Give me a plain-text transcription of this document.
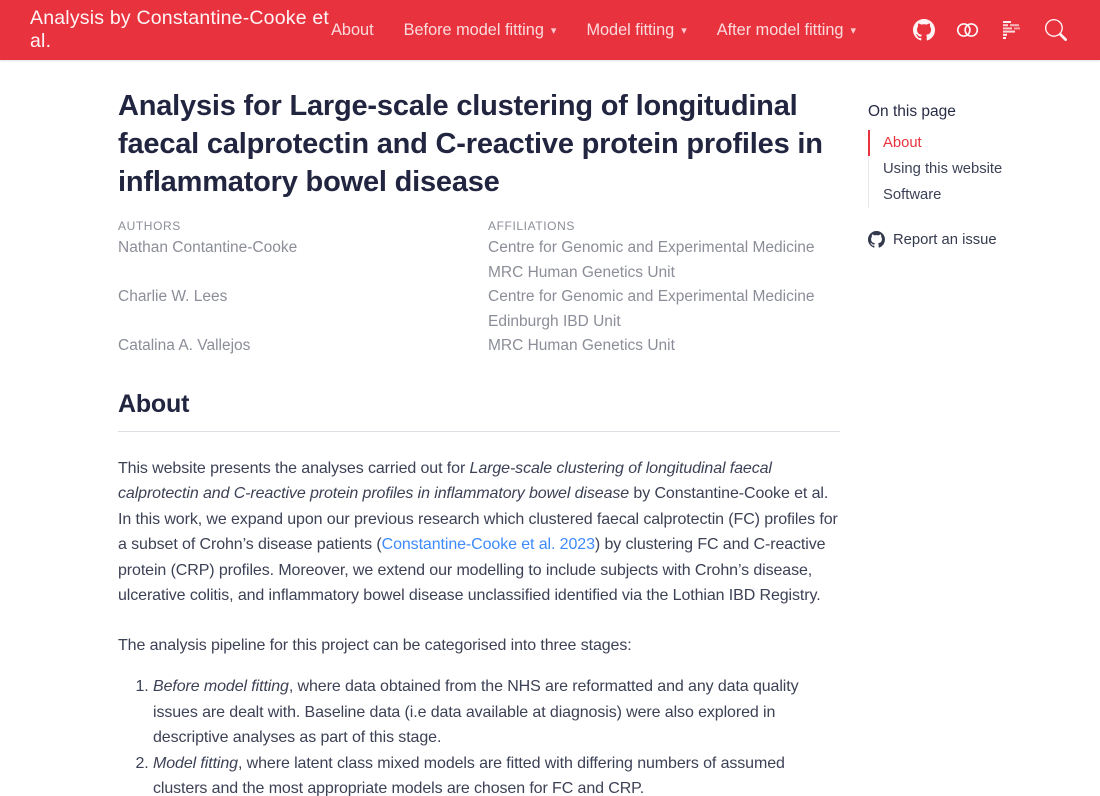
Analysis by Constantine-Cooke et al.
About Before model fitting ▾ Model fitting ▾ After model fitting ▾
Analysis for Large-scale clustering of longitudinal faecal calprotectin and C-reactive protein profiles in inflammatory bowel disease
AUTHORS	AFFILIATIONS
Nathan Contantine-Cooke	Centre for Genomic and Experimental Medicine
MRC Human Genetics Unit
Charlie W. Lees	Centre for Genomic and Experimental Medicine
Edinburgh IBD Unit
Catalina A. Vallejos	MRC Human Genetics Unit
About

This website presents the analyses carried out for Large-scale clustering of longitudinal faecal calprotectin and C-reactive protein profiles in inflammatory bowel disease by Constantine-Cooke et al. In this work, we expand upon our previous research which clustered faecal calprotectin (FC) profiles for a subset of Crohn’s disease patients (Constantine-Cooke et al. 2023) by clustering FC and C-reactive protein (CRP) profiles. Moreover, we extend our modelling to include subjects with Crohn’s disease, ulcerative colitis, and inflammatory bowel disease unclassified identified via the Lothian IBD Registry.

The analysis pipeline for this project can be categorised into three stages:

1. Before model fitting, where data obtained from the NHS are reformatted and any data quality issues are dealt with. Baseline data (i.e data available at diagnosis) were also explored in descriptive analyses as part of this stage.
2. Model fitting, where latent class mixed models are fitted with differing numbers of assumed clusters and the most appropriate models are chosen for FC and CRP.
On this page
About
Using this website
Software
Report an issue
